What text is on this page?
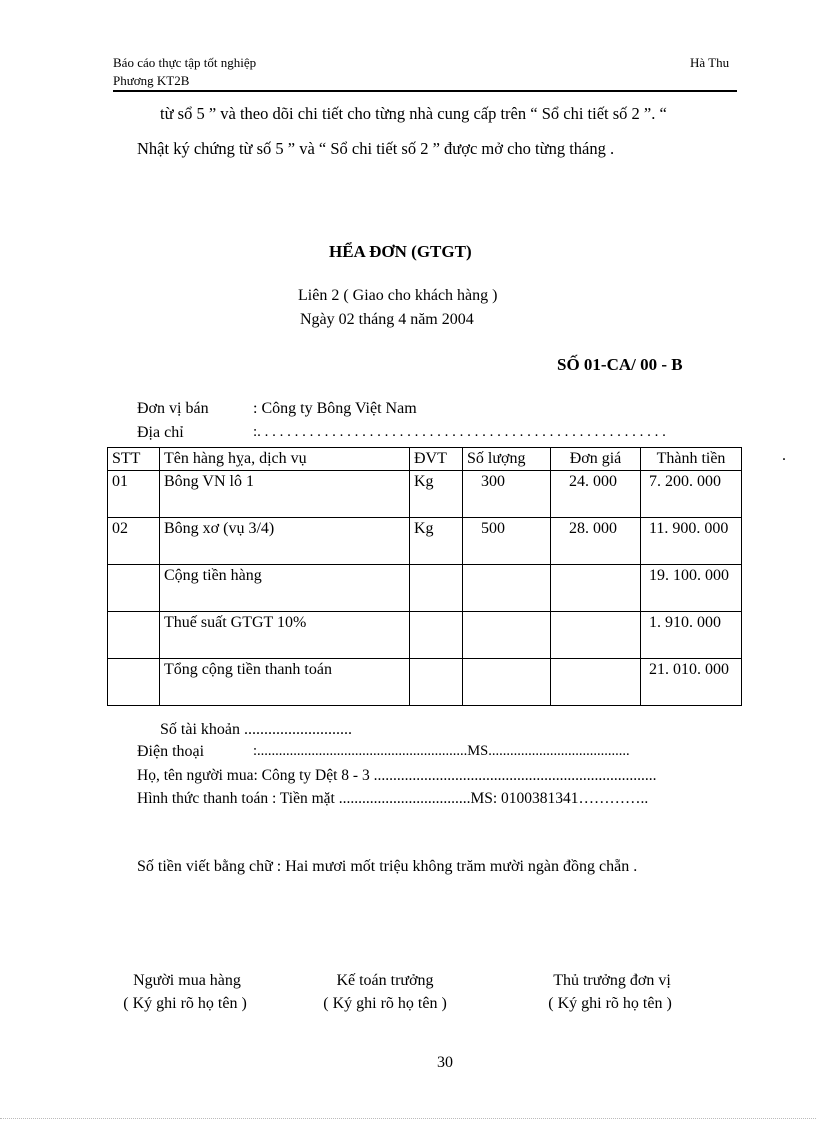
Báo cáo thực tập tốt nghiệp
Phương KT2B
Hà Thu
từ sổ 5 ” và theo dõi chi tiết cho từng nhà cung cấp trên “ Sổ chi tiết số 2 ”. “
Nhật ký chứng từ số 5 ” và “ Sổ chi tiết số 2 ” được mở cho từng tháng .
HỂA ĐƠN (GTGT)
Liên 2 ( Giao cho khách hàng )
Ngày 02 tháng 4 năm 2004
SỐ 01-CA/ 00 - B
Đơn vị bán	: Công ty Bông Việt Nam
Địa chỉ	:. . . . . . . . . . . . . . . . . . . . . . . . . . . . . . . . . . . . . . . . . . . . . . . . . . . . . . .
.
STT	Tên hàng hỵa, dịch vụ	ĐVT	Số lượng	Đơn giá	Thành tiền
01	Bông VN lô 1	Kg	300	24. 000	7. 200. 000
02	Bông xơ (vụ 3/4)	Kg	500	28. 000	11. 900. 000
	Cộng tiền hàng				19. 100. 000
	Thuế suất GTGT 10%				1. 910. 000
	Tổng cộng tiền thanh toán				21. 010. 000
Số tài khoản ...........................
Điện thoại	:..........................................................MS.......................................
Họ, tên người mua: Công ty Dệt 8 - 3 .........................................................................
Hình thức thanh toán : Tiền mặt ..................................MS: 0100381341…………..
Số tiền viết bằng chữ : Hai mươi mốt triệu không trăm mười ngàn đồng chẵn .
Người mua hàng
( Ký ghi rõ họ tên )
Kế toán trưởng
( Ký ghi rõ họ tên )
Thủ trưởng đơn vị
( Ký ghi rõ họ tên )
30
